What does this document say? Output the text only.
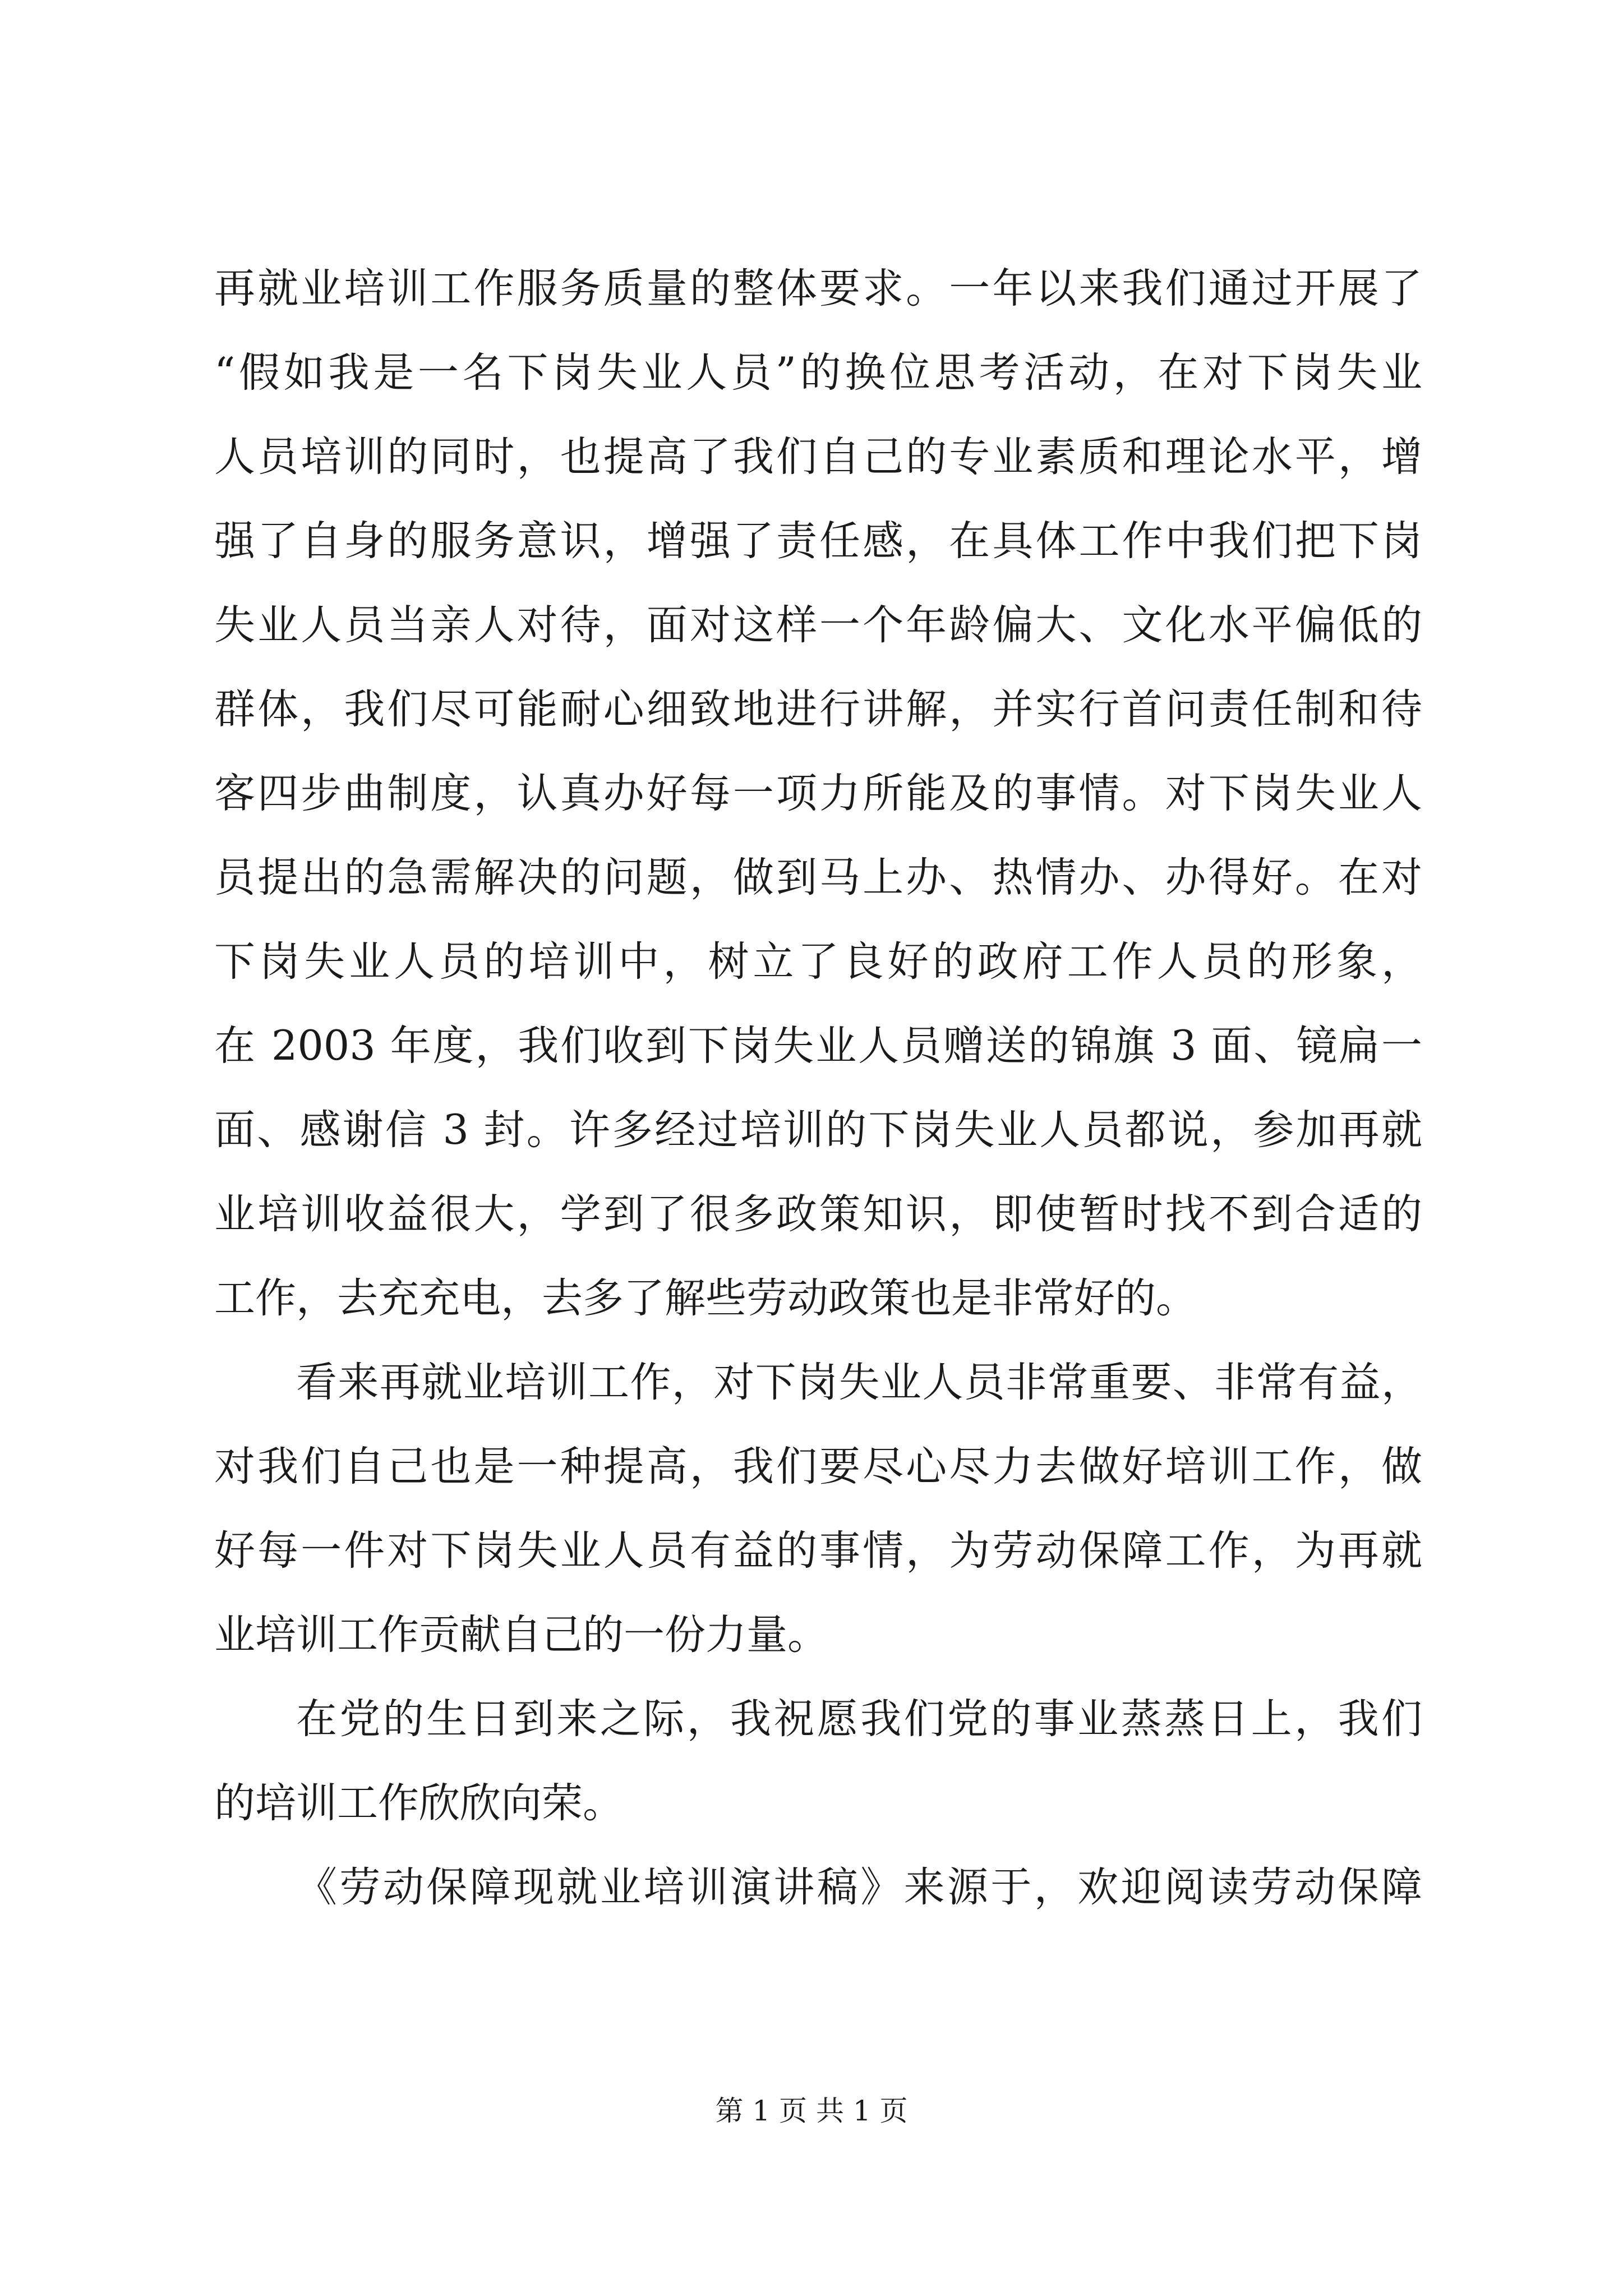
再就业培训工作服务质量的整体要求。一年以来我们通过开展了
“假如我是一名下岗失业人员”的换位思考活动，在对下岗失业
人员培训的同时，也提高了我们自己的专业素质和理论水平，增
强了自身的服务意识，增强了责任感，在具体工作中我们把下岗
失业人员当亲人对待，面对这样一个年龄偏大、文化水平偏低的
群体，我们尽可能耐心细致地进行讲解，并实行首问责任制和待
客四步曲制度，认真办好每一项力所能及的事情。对下岗失业人
员提出的急需解决的问题，做到马上办、热情办、办得好。在对
下岗失业人员的培训中，树立了良好的政府工作人员的形象，
在 2003 年度，我们收到下岗失业人员赠送的锦旗 3 面、镜扁一
面、感谢信 3 封。许多经过培训的下岗失业人员都说，参加再就
业培训收益很大，学到了很多政策知识，即使暂时找不到合适的
工作，去充充电，去多了解些劳动政策也是非常好的。
看来再就业培训工作，对下岗失业人员非常重要、非常有益，
对我们自己也是一种提高，我们要尽心尽力去做好培训工作，做
好每一件对下岗失业人员有益的事情，为劳动保障工作，为再就
业培训工作贡献自己的一份力量。
在党的生日到来之际，我祝愿我们党的事业蒸蒸日上，我们
的培训工作欣欣向荣。
《劳动保障现就业培训演讲稿》来源于，欢迎阅读劳动保障
第 1 页 共 1 页
